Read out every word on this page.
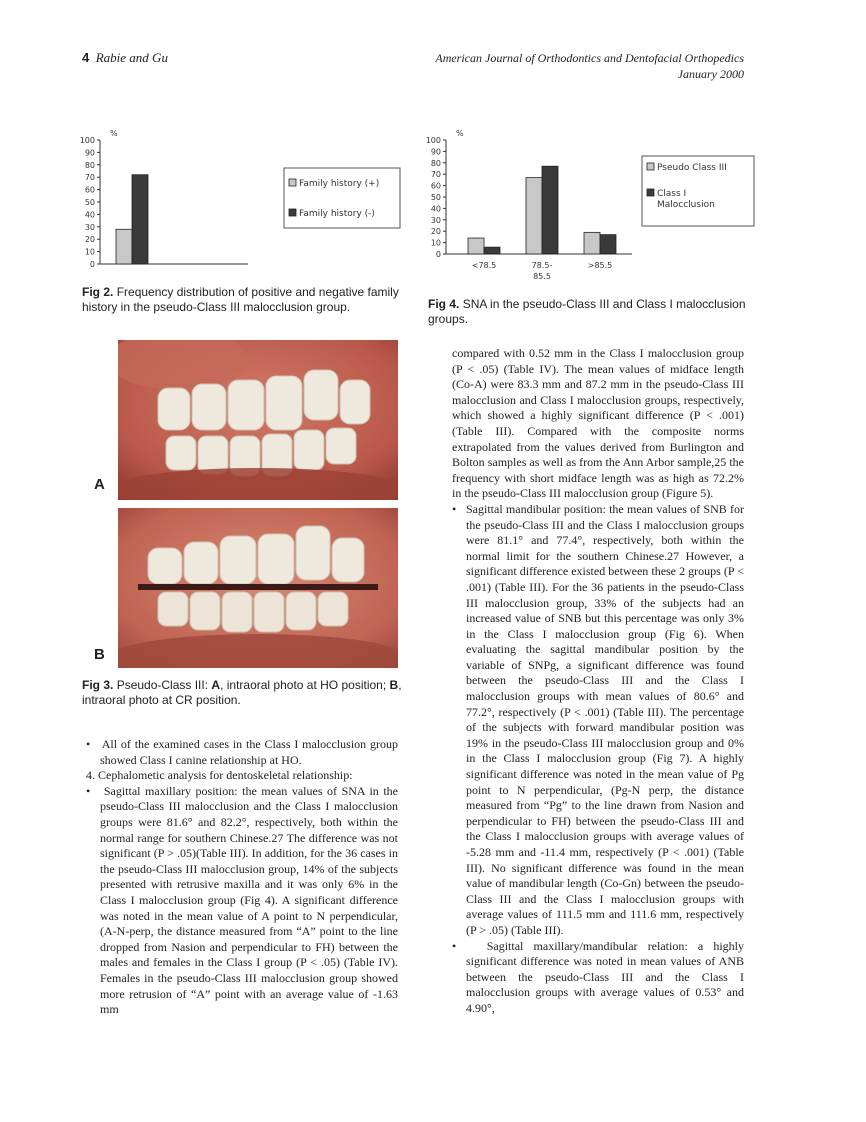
4 Rabie and Gu	American Journal of Orthodontics and Dentofacial Orthopedics
January 2000
%
100
90
80
70
60
50
40
30
20
10
0
Family history (+)
Family history (-)
%
100
90
80
70
60
50
40
30
20
10
0
<78.5	78.5-
85.5
>85.5
Pseudo Class III
Class I
Malocclusion
Fig 2. Frequency distribution of positive and negative family history in the pseudo-Class III malocclusion group.	Fig 4. SNA in the pseudo-Class III and Class I malocclusion groups.
A
B
Fig 3. Pseudo-Class III: A, intraoral photo at HO position; B, intraoral photo at CR position.

•   All of the examined cases in the Class I malocclusion group showed Class I canine relationship at HO.

4. Cephalometic analysis for dentoskeletal relationship:

•   Sagittal maxillary position: the mean values of SNA in the pseudo-Class III malocclusion and the Class I malocclusion groups were 81.6° and 82.2°, respectively, both within the normal range for southern Chinese.27 The difference was not significant (P > .05)(Table III). In addition, for the 36 cases in the pseudo-Class III malocclusion group, 14% of the subjects presented with retrusive maxilla and it was only 6% in the Class I malocclusion group (Fig 4). A significant difference was noted in the mean value of A point to N perpendicular, (A-N-perp, the distance measured from “A” point to the line dropped from Nasion and perpendicular to FH) between the males and females in the Class I group (P < .05) (Table IV). Females in the pseudo-Class III malocclusion group showed more retrusion of “A” point with an average value of -1.63 mm

compared with 0.52 mm in the Class I malocclusion group (P < .05) (Table IV). The mean values of midface length (Co-A) were 83.3 mm and 87.2 mm in the pseudo-Class III malocclusion and Class I malocclusion groups, respectively, which showed a highly significant difference (P < .001) (Table III). Compared with the composite norms extrapolated from the values derived from Burlington and Bolton samples as well as from the Ann Arbor sample,25 the frequency with short midface length was as high as 72.2% in the pseudo-Class III malocclusion group (Figure 5).

•   Sagittal mandibular position: the mean values of SNB for the pseudo-Class III and the Class I malocclusion groups were 81.1° and 77.4°, respectively, both within the normal limit for the southern Chinese.27 However, a significant difference existed between these 2 groups (P < .001) (Table III). For the 36 patients in the pseudo-Class III malocclusion group, 33% of the subjects had an increased value of SNB but this percentage was only 3% in the Class I malocclusion group (Fig 6). When evaluating the sagittal mandibular position by the variable of SNPg, a significant difference was found between the pseudo-Class III and the Class I malocclusion groups with mean values of 80.6° and 77.2°, respectively (P < .001) (Table III). The percentage of the subjects with forward mandibular position was 19% in the pseudo-Class III malocclusion group and 0% in the Class I malocclusion group (Fig 7). A highly significant difference was noted in the mean value of Pg point to N perpendicular, (Pg-N perp, the distance measured from “Pg” to the line drawn from Nasion and perpendicular to FH) between the pseudo-Class III and the Class I malocclusion groups with average values of -5.28 mm and -11.4 mm, respectively (P < .001) (Table III). No significant difference was found in the mean value of mandibular length (Co-Gn) between the pseudo-Class III and the Class I malocclusion groups with average values of 111.5 mm and 111.6 mm, respectively (P > .05) (Table III).

•   Sagittal maxillary/mandibular relation: a highly significant difference was noted in mean values of ANB between the pseudo-Class III and the Class I malocclusion groups with average values of 0.53° and 4.90°,
